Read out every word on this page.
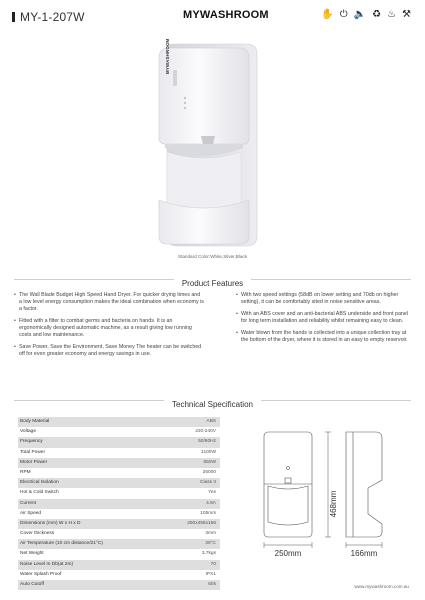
MY-1-207W	MYWASHROOM	✋ ⏻ 🔈 ♻ ♨ ⚒
MYWASHROOM
Standard Color:White,Silver,Black
Product Features
• The Wall Blade Budget High Speed Hand Dryer. For quicker drying times and a low level energy consumption makes the ideal combination when economy is a factor.
• Fitted with a filter to combat germs and bacteria on hands. It is an ergonomically designed automatic machine, as a result giving low running costs and low maintenance.
• Save Power, Save the Environment, Save Money The heater can be switched off for even greater economy and energy savings in use.
• With two speed settings (58dB on lower setting and 70db on higher setting), it can be comfortably sited in noise sensitive areas.
• With an ABS cover and an anti-bacterial ABS underside and front panel for long term installation and reliability whilst remaining easy to clean.
• Water blown from the hands is collected into a unique collection tray at the bottom of the dryer, where it is stored in an easy to empty reservoir.
Technical Specification
Body Material	ABS
Voltage	220-240V
Frequency	50/60Hz
Total Power	1100W
Motor Power	550W
RPM	26000
Electrical Isolation	Class II
Hot & Cold Switch	Yes
Current	4.8A
Air Speed	105m/s
Dimensions (mm) W x H x D	250x468x166
Cover thickness	3mm
Air Temperature (10 cm distance/21°C)	39°C
Net Weight	3.7kgs
Noise Level In Db(at 2m)	70
Water Splash Proof	IPX1
Auto Cutoff	60s
468mm
250mm	166mm
www.mywashroom.com.au
